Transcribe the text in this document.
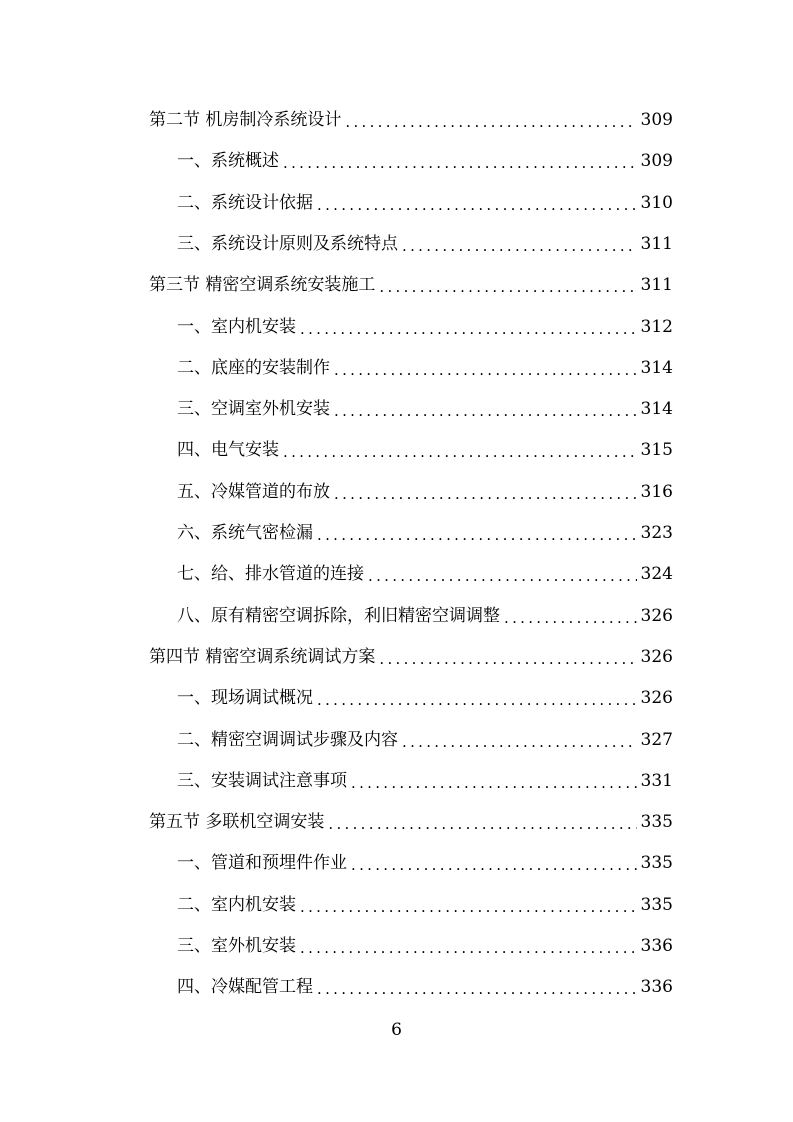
第二节 机房制冷系统设计 .....	309
一、系统概述 .....	309
二、系统设计依据 .....	310
三、系统设计原则及系统特点 .....	311
第三节 精密空调系统安装施工 .....	311
一、室内机安装 .....	312
二、底座的安装制作 .....	314
三、空调室外机安装 .....	314
四、电气安装 .....	315
五、冷媒管道的布放 .....	316
六、系统气密检漏 .....	323
七、给、排水管道的连接 .....	324
八、原有精密空调拆除，利旧精密空调调整 .....	326
第四节 精密空调系统调试方案 .....	326
一、现场调试概况 .....	326
二、精密空调调试步骤及内容 .....	327
三、安装调试注意事项 .....	331
第五节 多联机空调安装 .....	335
一、管道和预埋件作业 .....	335
二、室内机安装 .....	335
三、室外机安装 .....	336
四、冷媒配管工程 .....	336
6
